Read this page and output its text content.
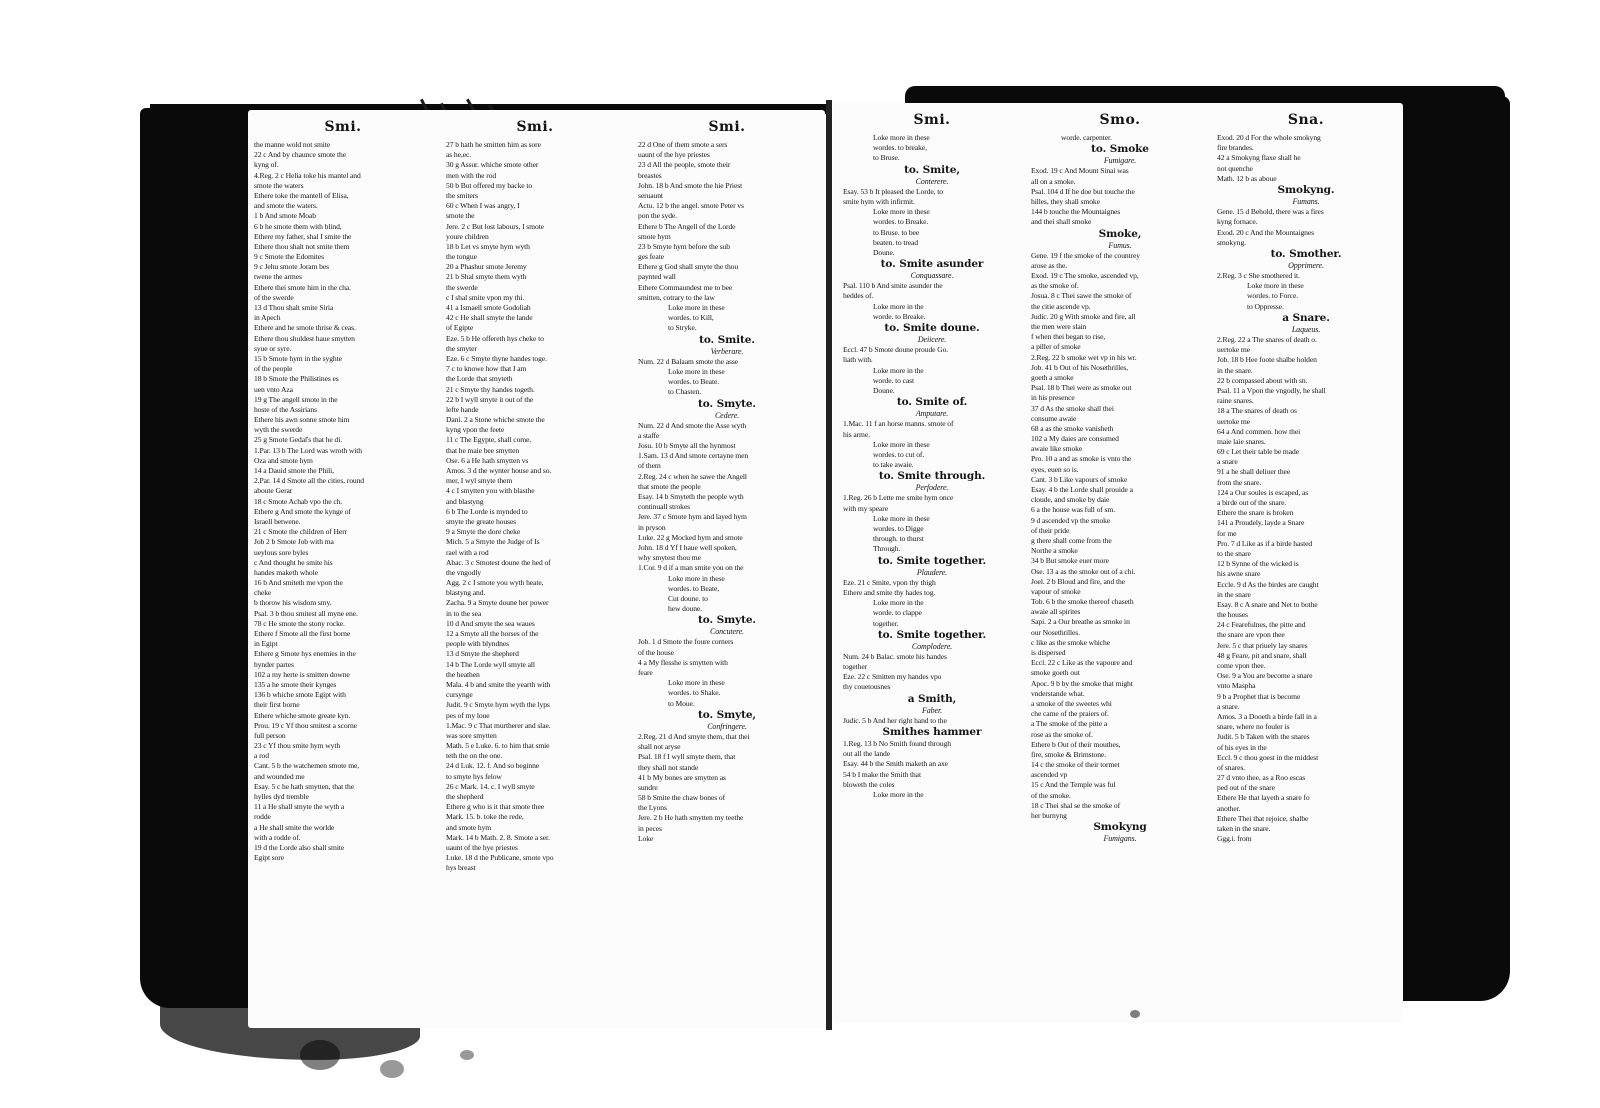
Smi.
the manne wold not smite
22 c And by chaunce smote the
kyng of.
4.Reg. 2 c Helia toke his mantel and
smote the waters
Ethere toke the mantell of Elisa,
and smote the waters.
1 b And smote Moab
6 b he smote them with blind,
Ethere my father, shal I smite the
Ethere thou shalt not smite them
9 c Smote the Edomites
9 c Jehu smote Joram bes
twene the armes
Ethere thei smote him in the cha.
of the swerde
13 d Thou shalt smite Siria
in Apech
Ethere and he smote thrise & ceas.
Ethere thou shuldest haue smytten
syue or syre.
15 b Smote hym in the syghte
of the people
18 b Smote the Philistines es
uen vnto Aza
19 g The angell smote in the
hoste of the Assirians
Ethere his awn sonne smote him
wyth the swerde
25 g Smote Gedal's that he di.
1.Par. 13 b The Lord was wroth with
Oza and smote hym
14 a Dauid smote the Phili,
2.Par. 14 d Smote all the cities, round
aboute Gerar
18 c Smote Achab vpo the ch.
Ethere g And smote the kynge of
Israell betwene.
21 c Smote the children of Herr
Job 2 b Smote Job with ma
ueylous sore byles
c And thought he smite his
handes maketh whole
16 b And smiteth me vpon the
cheke
b thorow his wisdom smy.
Psal. 3 b thou smitest all myne ene.
78 c He smote the stony rocke.
Ethere f Smote all the first borne
in Egipt
Ethere g Smote hys enemies in the
hynder partes
102 a my herte is smitten downe
135 a he smote their kynges
136 b whiche smote Egipt with
their first borne
Ethere whiche smote greate kyn.
Prou. 19 c Yf thou smitest a scorne
full person
23 c Yf thou smite hym wyth
a rod
Cant. 5 b the watchemen smote me,
and wounded me
Esay. 5 c he hath smytten, that the
hylles dyd tremble
11 a He shall smyte the wyth a
rodde
a He shall smite the worlde
with a rodde of.
19 d the Lorde also shall smite
Egipt sore
Smi.
27 b hath he smitten him as sore
as he,ec.
30 g Assur. whiche smote other
men with the rod
50 b But offered my backe to
the smiters
60 c When I was angry, I
smote the
Jere. 2 c But lost labours, I smote
youre children
18 b Let vs smyte hym wyth
the tongue
20 a Phashur smote Jeremy
21 b Shal smyte them wyth
the swerde
c I shal smite vpon my thi.
41 a Ismaell smote Godoliah
42 c He shall smyte the lande
of Egipte
Eze. 5 b He offereth hys cheke to
the smyter
Eze. 6 c Smyte thyne handes toge.
7 c to knowe how that I am
the Lorde that smyteth
21 c Smyte thy handes togeth.
22 b I wyll smyte it out of the
lefte hande
Dani. 2 a Stone whiche smote the
kyng vpon the feete
11 c The Egypte, shall come.
that he maie bee smytten
Ose. 6 a He hath smytten vs
Amos. 3 d the wynter house and so.
mer, I wyl smyte them
4 c I smytten you with blasthe
and blastyng
6 b The Lorde is mynded to
smyte the greate houses
9 a Smyte the dore cheke
Mich. 5 a Smyte the Judge of Is
rael with a rod
Abac. 3 c Smotest doune the hed of
the vngodly
Agg. 2 c I smote you wyth heate,
blastyng and.
Zacha. 9 a Smyte doune her power
in to the sea
10 d And smyte the sea waues
12 a Smyte all the horses of the
people with blyndnes
13 d Smyte the shepherd
14 b The Lorde wyll smyte all
the heathen
Mala. 4 b and smite the yearth with
cursynge
Judit. 9 c Smyte hym wyth the lyps
pes of my loue
1.Mac. 9 c That murtherer and slae.
was sore smytten
Math. 5 e Luke. 6. to him that smie
teth the on the one.
24 d Luk. 12. f. And so beginne
to smyte hys felow
26 c Mark. 14. c. I wyll smyte
the shepherd
Ethere g who is it that smote thee
Mark. 15. b. toke the rede,
and smote hym
Mark. 14 b Math. 2. 8. Smote a ser.
uaunt of the hye priestes
Luke. 18 d the Publicane, smote vpo
hys breast
Smi.
22 d One of them smote a sers
uaunt of the hye priestes
23 d All the people, smote their
breastes
John. 18 b And smote the hie Priest
seruaunt
Actu. 12 b the angel. smote Peter vs
pon the syde.
Ethere b The Angell of the Lorde
smote hym
23 b Smyte hym before the sub
ges feate
Ethere g God shall smyte the thou
paynted wall
Ethere Commaundest me to bee
smitten, cotrary to the law
Loke more in these
wordes. to Kill,
to Stryke.
to. Smite.
Verberare.
Num. 22 d Balaam smote the asse
Loke more in these
wordes. to Beate.
to Chasten.
to. Smyte.
Cedere.
Num. 22 d And smote the Asse wyth
a staffe
Josu. 10 b Smyte all the hynmost
1.Sam. 13 d And smote certayne men
of them
2.Reg. 24 c when he sawe the Angell
that smote the people
Esay. 14 b Smyteth the people wyth
continuall strokes
Jere. 37 c Smote hym and layed hym
in pryson
Luke. 22 g Mocked hym and smote
John. 18 d Yf I haue well spoken,
why smytest thou me
1.Cor. 9 d if a man smite you on the
Loke more in these
wordes. to Beate,
Cut doune. to
hew doune.
to. Smyte.
Concutere.
Job. 1 d Smote the foure corners
of the house
4 a My flesshe is smytten with
feare
Loke more in these
wordes. to Shake.
to Moue.
to. Smyte,
Confringere.
2.Reg. 21 d And smyte them, that thei
shall not aryse
Psal. 18 f I wyll smyte them, that
they shall not stande
41 b My bones are smytten as
sundre
58 b Smite the chaw bones of
the Lyons
Jere. 2 b He hath smytten my teethe
in peces
Loke
Smi.
Loke more in these
wordes. to breake,
to Bruse.
to. Smite,
Conterere.
Esay. 53 b It pleased the Lorde, to
smite hym with infirmit.
Loke more in these
wordes. to Breake.
to Bruse. to bee
beaten. to tread
Doune.
to. Smite asunder
Conquassare.
Psal. 110 b And smite asunder the
heddes of.
Loke more in the
worde. to Breake.
to. Smite doune.
Deiicere.
Eccl. 47 b Smote doune proude Go.
liath with.
Loke more in the
worde. to cast
Doune.
to. Smite of.
Amputare.
1.Mac. 11 f an horse manns. smote of
his arme.
Loke more in these
wordes. to cut of.
to take awaie.
to. Smite through.
Perfodere.
1.Reg. 26 b Lette me smite hym once
with my speare
Loke more in these
wordes. to Digge
through. to thurst
Through.
to. Smite together.
Plaudere.
Eze. 21 c Smite, vpon thy thigh
Ethere and smite thy hades tog.
Loke more in the
worde. to clappe
together.
to. Smite together.
Complodere.
Num. 24 b Balac. smote his handes
together
Eze. 22 c Smitten my handes vpo
thy couetousnes
a Smith,
Faber.
Judic. 5 b And her right hand to the
Smithes hammer
1.Reg. 13 b No Smith found through
out all the lande
Esay. 44 b the Smith maketh an axe
54 b I make the Smith that
bloweth the coles
Loke more in the
Smo.
worde. carpenter.
to. Smoke
Fumigare.
Exod. 19 c And Mount Sinai was
all on a smoke.
Psal. 104 d If he doe but touche the
hilles, they shall smoke
144 b touche the Mountaignes
and thei shall smoke
Smoke,
Fumus.
Gene. 19 f the smoke of the countrey
arose as the.
Exod. 19 c The smoke, ascended vp,
as the smoke of.
Josua. 8 c Thei sawe the smoke of
the citie ascende vp.
Judic. 20 g With smoke and fire, all
the men were slain
f when thei began to rise,
a piller of smoke
2.Reg. 22 b smoke wet vp in his wr.
Job. 41 b Out of his Nosethrilles,
goeth a smoke
Psal. 18 b Thei were as smoke out
in his presence
37 d As the smoke shall thei
consume awaie
68 a as the smoke vanisheth
102 a My daies are consumed
awaie like smoke
Pro. 10 a and as smoke is vnto the
eyes, euen so is.
Cant. 3 b Like vapours of smoke
Esay. 4 b the Lorde shall prouide a
cloude, and smoke by daie
6 a the house was full of sm.
9 d ascended vp the smoke
of their pride
g there shall come from the
Northe a smoke
34 b But smoke euer more
Ose. 13 a as the smoke out of a chi.
Joel. 2 b Bloud and fire, and the
vapour of smoke
Tob. 6 b the smoke thereof chaseth
awaie all spirites
Sapi. 2 a Our breathe as smoke in
our Nosethrilles.
c like as the smoke whiche
is dispersed
Eccl. 22 c Like as the vapoure and
smoke goeth out
Apoc. 9 b by the smoke that might
vnderstande what.
a smoke of the sweetes whi
che came of the praiers of.
a The smoke of the pitte a
rose as the smoke of.
Ethere b Out of their mouthes,
fire, smoke & Brimstone.
14 c the smoke of their tormet
ascended vp
15 c And the Temple was ful
of the smoke.
18 c Thei shal se the smoke of
her burnyng
Smokyng
Fumigans.
Sna.
Exod. 20 d For the whole smokyng
fire brandes.
42 a Smokyng flaxe shall he
not quenche
Math. 12 b as aboue
Smokyng.
Fumans.
Gene. 15 d Behold, there was a fires
kyng fornace.
Exod. 20 c And the Mountaignes
smokyng.
to. Smother.
Opprimere.
2.Reg. 3 c She smothered it.
Loke more in these
wordes. to Force.
to Oppresse.
a Snare.
Laqueus.
2.Reg. 22 a The snares of death o.
uertoke me
Job. 18 b Hee foote shalbe holden
in the snare.
22 b compassed about with sn.
Psal. 11 a Vpon the vngodly, he shall
raine snares.
18 a The snares of death os
uertoke me
64 a And commen. how thei
maie laie snares.
69 c Let their table be made
a snare
91 a he shall deliuer thee
from the snare.
124 a Our soules is escaped, as
a birde out of the snare.
Ethere the snare is broken
141 a Proudely, layde a Snare
for me
Pro. 7 d Like as if a birde hasted
to the snare
12 b Synne of the wicked is
his awne snare
Eccle. 9 d As the birdes are caught
in the snare
Esay. 8 c A snare and Net to bothe
the houses
24 c Fearefulnes, the pitte and
the snare are vpon thee
Jere. 5 c that priuely lay snares
48 g Feare, pit and snare, shall
come vpon thee.
Ose. 9 a You are become a snare
vnto Maspha
9 b a Prophet that is become
a snare.
Amos. 3 a Dooeth a birde fall in a
snare, where no fouler is
Judit. 5 b Taken with the snares
of his eyes in the
Eccl. 9 c thou goest in the middest
of snares.
27 d vnto thee, as a Roo escas
ped out of the snare
Ethere He that layeth a snare fo
another.
Ethere Thei that rejoice, shalbe
taken in the snare.
Ggg.i. from
